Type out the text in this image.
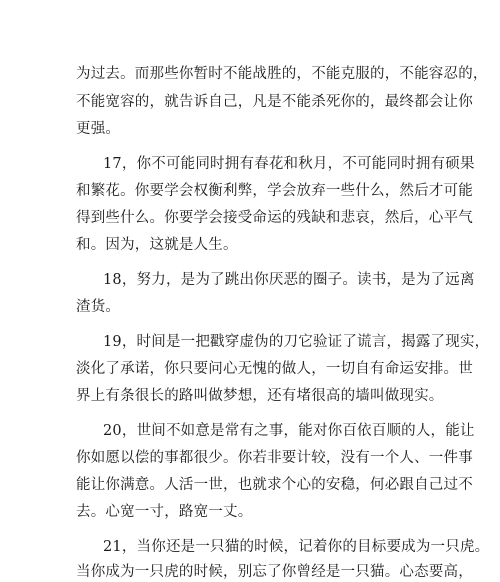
为过去。而那些你暂时不能战胜的，不能克服的，不能容忍的，
不能宽容的，就告诉自己，凡是不能杀死你的，最终都会让你
更强。
17，你不可能同时拥有春花和秋月，不可能同时拥有硕果
和繁花。你要学会权衡利弊，学会放弃一些什么，然后才可能
得到些什么。你要学会接受命运的残缺和悲哀，然后，心平气
和。因为，这就是人生。
18，努力，是为了跳出你厌恶的圈子。读书，是为了远离
渣货。
19，时间是一把戳穿虚伪的刀它验证了谎言，揭露了现实，
淡化了承诺，你只要问心无愧的做人，一切自有命运安排。世
界上有条很长的路叫做梦想，还有堵很高的墙叫做现实。
20，世间不如意是常有之事，能对你百依百顺的人，能让
你如愿以偿的事都很少。你若非要计较，没有一个人、一件事
能让你满意。人活一世，也就求个心的安稳，何必跟自己过不
去。心宽一寸，路宽一丈。
21，当你还是一只猫的时候，记着你的目标要成为一只虎。
当你成为一只虎的时候，别忘了你曾经是一只猫。心态要高，
